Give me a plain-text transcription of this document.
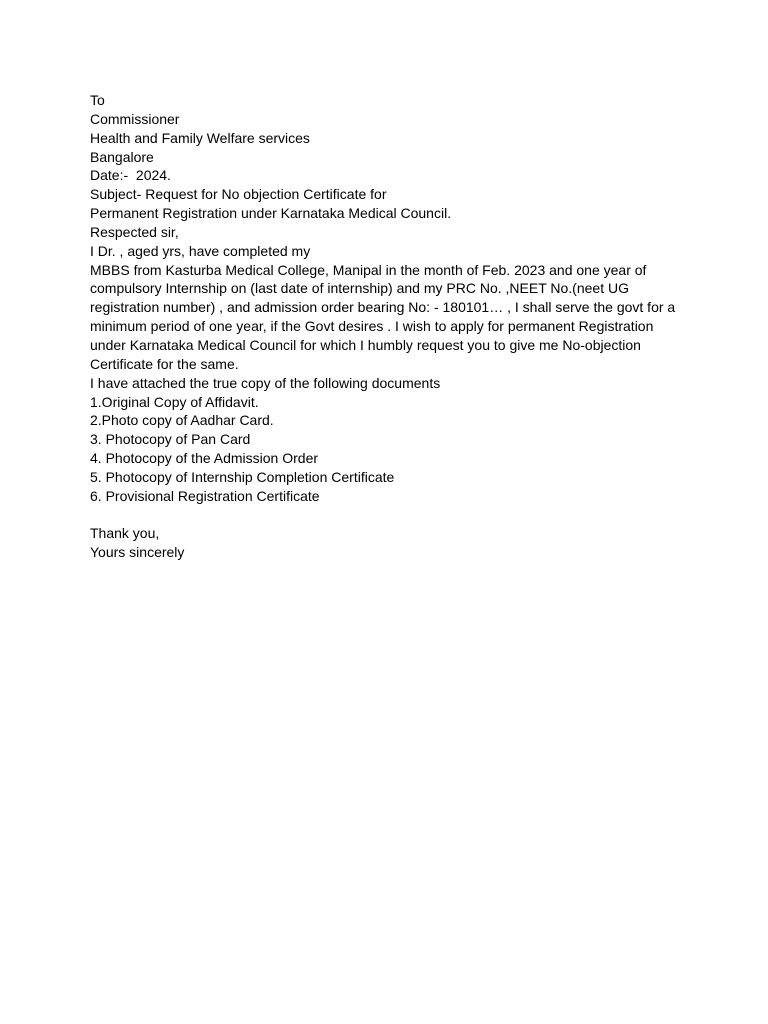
To
Commissioner
Health and Family Welfare services
Bangalore
Date:-  2024.
Subject- Request for No objection Certificate for
Permanent Registration under Karnataka Medical Council.
Respected sir,
I Dr. , aged yrs, have completed my
MBBS from Kasturba Medical College, Manipal in the month of Feb. 2023 and one year of
compulsory Internship on (last date of internship) and my PRC No. ,NEET No.(neet UG
registration number) , and admission order bearing No: - 180101… , I shall serve the govt for a
minimum period of one year, if the Govt desires . I wish to apply for permanent Registration
under Karnataka Medical Council for which I humbly request you to give me No-objection
Certificate for the same.
I have attached the true copy of the following documents
1.Original Copy of Affidavit.
2.Photo copy of Aadhar Card.
3. Photocopy of Pan Card
4. Photocopy of the Admission Order
5. Photocopy of Internship Completion Certificate
6. Provisional Registration Certificate
Thank you,
Yours sincerely
